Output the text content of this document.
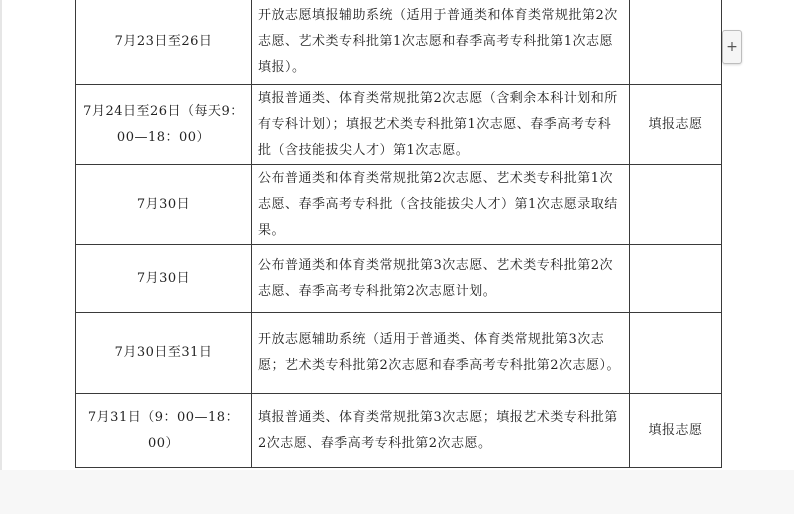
7月23日至26日	开放志愿填报辅助系统（适用于普通类和体育类常规批第2次志愿、艺术类专科批第1次志愿和春季高考专科批第1次志愿填报）。	
7月24日至26日（每天9：00—18：00）	填报普通类、体育类常规批第2次志愿（含剩余本科计划和所有专科计划）；填报艺术类专科批第1次志愿、春季高考专科批（含技能拔尖人才）第1次志愿。	填报志愿
7月30日	公布普通类和体育类常规批第2次志愿、艺术类专科批第1次志愿、春季高考专科批（含技能拔尖人才）第1次志愿录取结果。	
7月30日	公布普通类和体育类常规批第3次志愿、艺术类专科批第2次志愿、春季高考专科批第2次志愿计划。	
7月30日至31日	开放志愿辅助系统（适用于普通类、体育类常规批第3次志愿；艺术类专科批第2次志愿和春季高考专科批第2次志愿）。	
7月31日（9：00—18：00）	填报普通类、体育类常规批第3次志愿；填报艺术类专科批第2次志愿、春季高考专科批第2次志愿。	填报志愿
+
